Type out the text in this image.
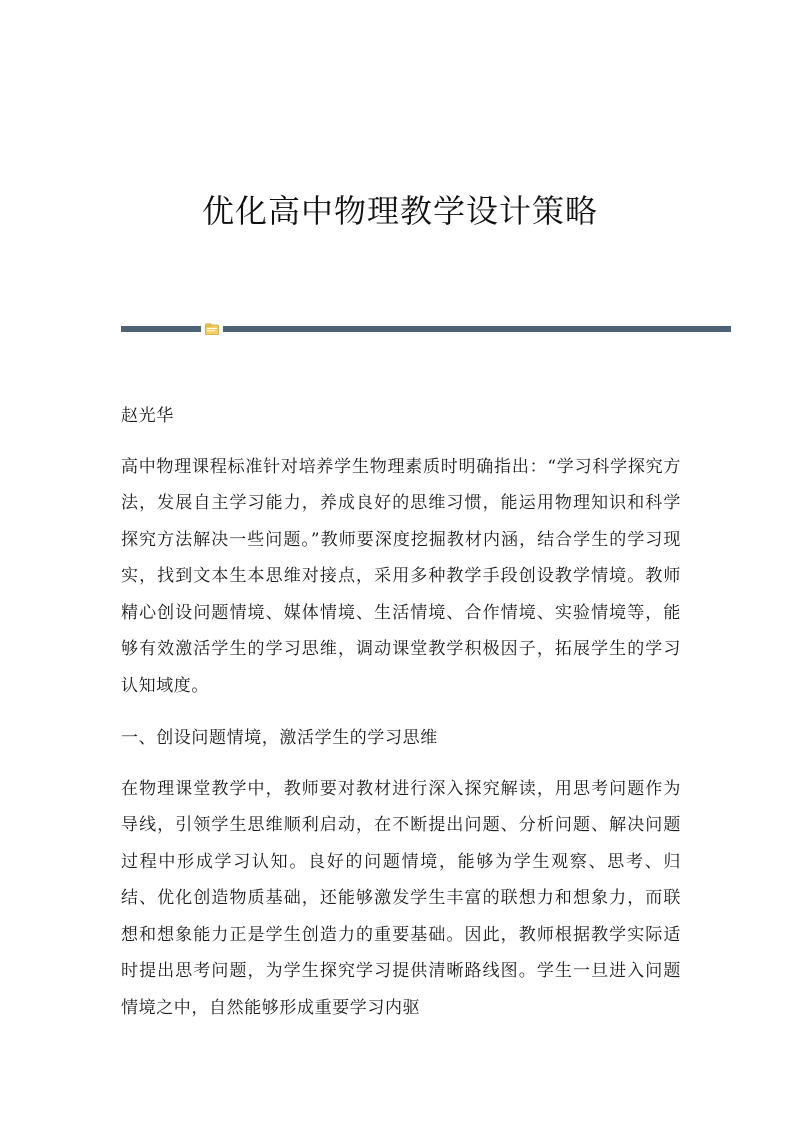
优化高中物理教学设计策略

赵光华

高中物理课程标准针对培养学生物理素质时明确指出：“学习科学探究方法，发展自主学习能力，养成良好的思维习惯，能运用物理知识和科学探究方法解决一些问题。”教师要深度挖掘教材内涵，结合学生的学习现实，找到文本生本思维对接点，采用多种教学手段创设教学情境。教师精心创设问题情境、媒体情境、生活情境、合作情境、实验情境等，能够有效激活学生的学习思维，调动课堂教学积极因子，拓展学生的学习认知域度。

一、创设问题情境，激活学生的学习思维

在物理课堂教学中，教师要对教材进行深入探究解读，用思考问题作为导线，引领学生思维顺利启动，在不断提出问题、分析问题、解决问题过程中形成学习认知。良好的问题情境，能够为学生观察、思考、归结、优化创造物质基础，还能够激发学生丰富的联想力和想象力，而联想和想象能力正是学生创造力的重要基础。因此，教师根据教学实际适时提出思考问题，为学生探究学习提供清晰路线图。学生一旦进入问题情境之中，自然能够形成重要学习内驱
